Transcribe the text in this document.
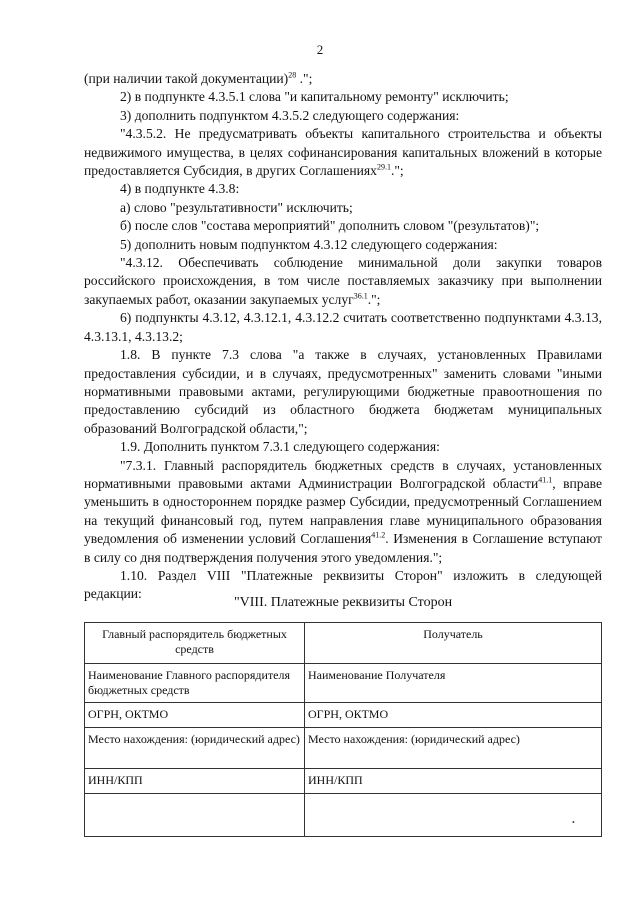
2

(при наличии такой документации)$^{28}$ .";

2) в подпункте 4.3.5.1 слова "и капитальному ремонту" исключить;

3) дополнить подпунктом 4.3.5.2 следующего содержания:

"4.3.5.2. Не предусматривать объекты капитального строительства и объекты недвижимого имущества, в целях софинансирования капитальных вложений в которые предоставляется Субсидия, в других Соглашениях$^{29.1}$.";

4) в подпункте 4.3.8:

а) слово "результативности" исключить;

б) после слов "состава мероприятий" дополнить словом "(результатов)";

5) дополнить новым подпунктом 4.3.12 следующего содержания:

"4.3.12. Обеспечивать соблюдение минимальной доли закупки товаров российского происхождения, в том числе поставляемых заказчику при выполнении закупаемых работ, оказании закупаемых услуг$^{36.1}$.";

6) подпункты 4.3.12, 4.3.12.1, 4.3.12.2 считать соответственно подпунктами 4.3.13, 4.3.13.1, 4.3.13.2;

1.8. В пункте 7.3 слова "а также в случаях, установленных Правилами предоставления субсидии, и в случаях, предусмотренных" заменить словами "иными нормативными правовыми актами, регулирующими бюджетные правоотношения по предоставлению субсидий из областного бюджета бюджетам муниципальных образований Волгоградской области,";

1.9. Дополнить пунктом 7.3.1 следующего содержания:

"7.3.1. Главный распорядитель бюджетных средств в случаях, установленных нормативными правовыми актами Администрации Волгоградской области$^{41.1}$, вправе уменьшить в одностороннем порядке размер Субсидии, предусмотренный Соглашением на текущий финансовый год, путем направления главе муниципального образования уведомления об изменении условий Соглашения$^{41.2}$. Изменения в Соглашение вступают в силу со дня подтверждения получения этого уведомления.";

1.10. Раздел VIII "Платежные реквизиты Сторон" изложить в следующей редакции:

"VIII. Платежные реквизиты Сторон
Главный распорядитель бюджетных средств	Получатель
Наименование Главного распорядителя бюджетных средств	Наименование Получателя
ОГРН, ОКТМО	ОГРН, ОКТМО
Место нахождения: (юридический адрес)	Место нахождения: (юридический адрес)
ИНН/КПП	ИНН/КПП

•
